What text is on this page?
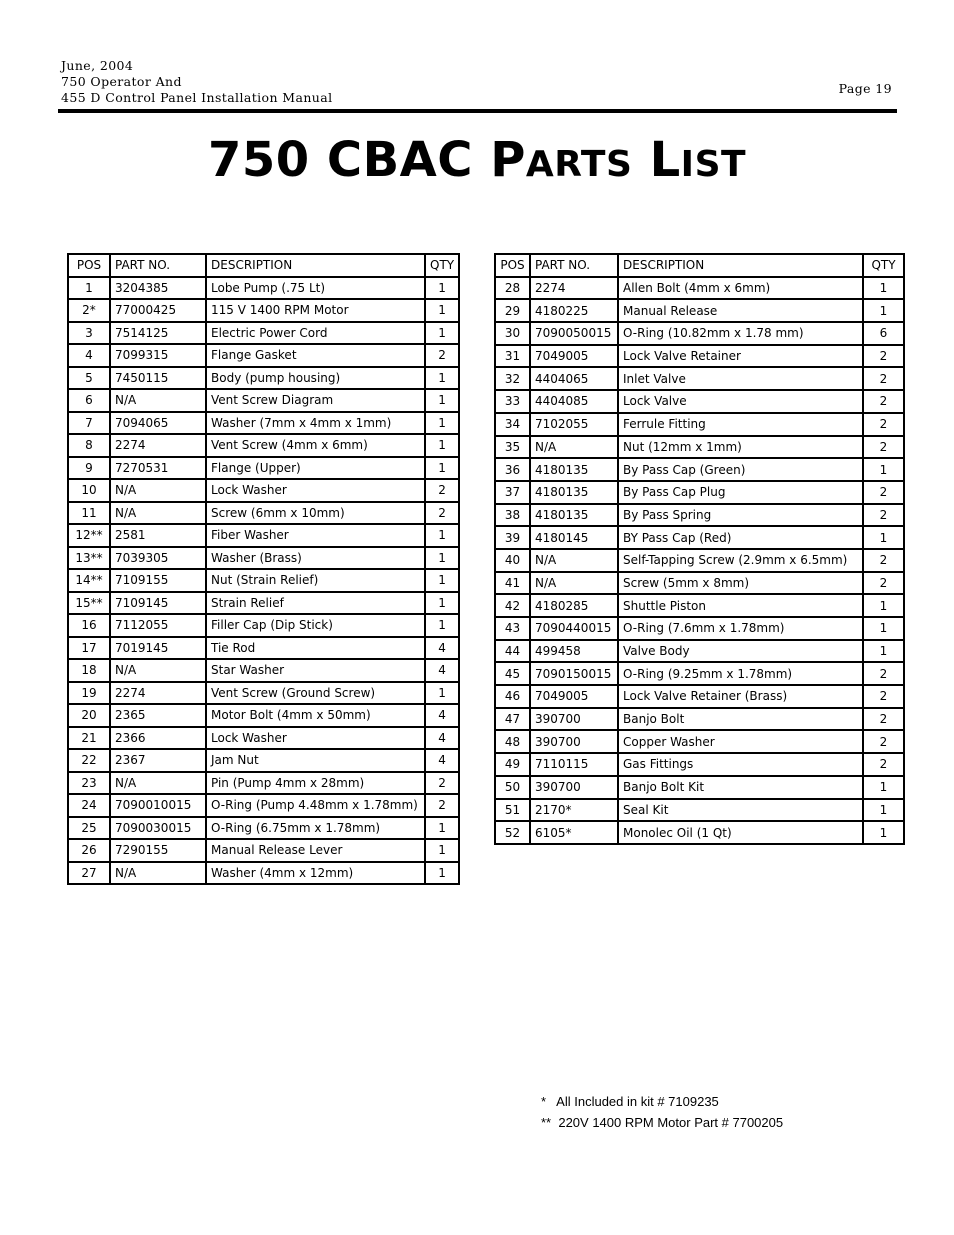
June, 2004
750 Operator And
455 D Control Panel Installation Manual
Page 19
750 CBAC PARTS LIST
POS	PART NO.	DESCRIPTION	QTY
1	3204385	Lobe Pump (.75 Lt)	1
2*	77000425	115 V 1400 RPM Motor	1
3	7514125	Electric Power Cord	1
4	7099315	Flange Gasket	2
5	7450115	Body (pump housing)	1
6	N/A	Vent Screw Diagram	1
7	7094065	Washer (7mm x 4mm x 1mm)	1
8	2274	Vent Screw (4mm x 6mm)	1
9	7270531	Flange (Upper)	1
10	N/A	Lock Washer	2
11	N/A	Screw (6mm x 10mm)	2
12**	2581	Fiber Washer	1
13**	7039305	Washer (Brass)	1
14**	7109155	Nut (Strain Relief)	1
15**	7109145	Strain Relief	1
16	7112055	Filler Cap (Dip Stick)	1
17	7019145	Tie Rod	4
18	N/A	Star Washer	4
19	2274	Vent Screw (Ground Screw)	1
20	2365	Motor Bolt (4mm x 50mm)	4
21	2366	Lock Washer	4
22	2367	Jam Nut	4
23	N/A	Pin (Pump 4mm x 28mm)	2
24	7090010015	O-Ring (Pump 4.48mm x 1.78mm)	2
25	7090030015	O-Ring (6.75mm x 1.78mm)	1
26	7290155	Manual Release Lever	1
27	N/A	Washer (4mm x 12mm)	1
POS	PART NO.	DESCRIPTION	QTY
28	2274	Allen Bolt (4mm x 6mm)	1
29	4180225	Manual Release	1
30	7090050015	O-Ring (10.82mm x 1.78 mm)	6
31	7049005	Lock Valve Retainer	2
32	4404065	Inlet Valve	2
33	4404085	Lock Valve	2
34	7102055	Ferrule Fitting	2
35	N/A	Nut (12mm x 1mm)	2
36	4180135	By Pass Cap (Green)	1
37	4180135	By Pass Cap Plug	2
38	4180135	By Pass Spring	2
39	4180145	BY Pass Cap (Red)	1
40	N/A	Self-Tapping Screw (2.9mm x 6.5mm)	2
41	N/A	Screw (5mm x 8mm)	2
42	4180285	Shuttle Piston	1
43	7090440015	O-Ring (7.6mm x 1.78mm)	1
44	499458	Valve Body	1
45	7090150015	O-Ring (9.25mm x 1.78mm)	2
46	7049005	Lock Valve Retainer (Brass)	2
47	390700	Banjo Bolt	2
48	390700	Copper Washer	2
49	7110115	Gas Fittings	2
50	390700	Banjo Bolt Kit	1
51	2170*	Seal Kit	1
52	6105*	Monolec Oil (1 Qt)	1
*   All Included in kit # 7109235
**  220V 1400 RPM Motor Part # 7700205
